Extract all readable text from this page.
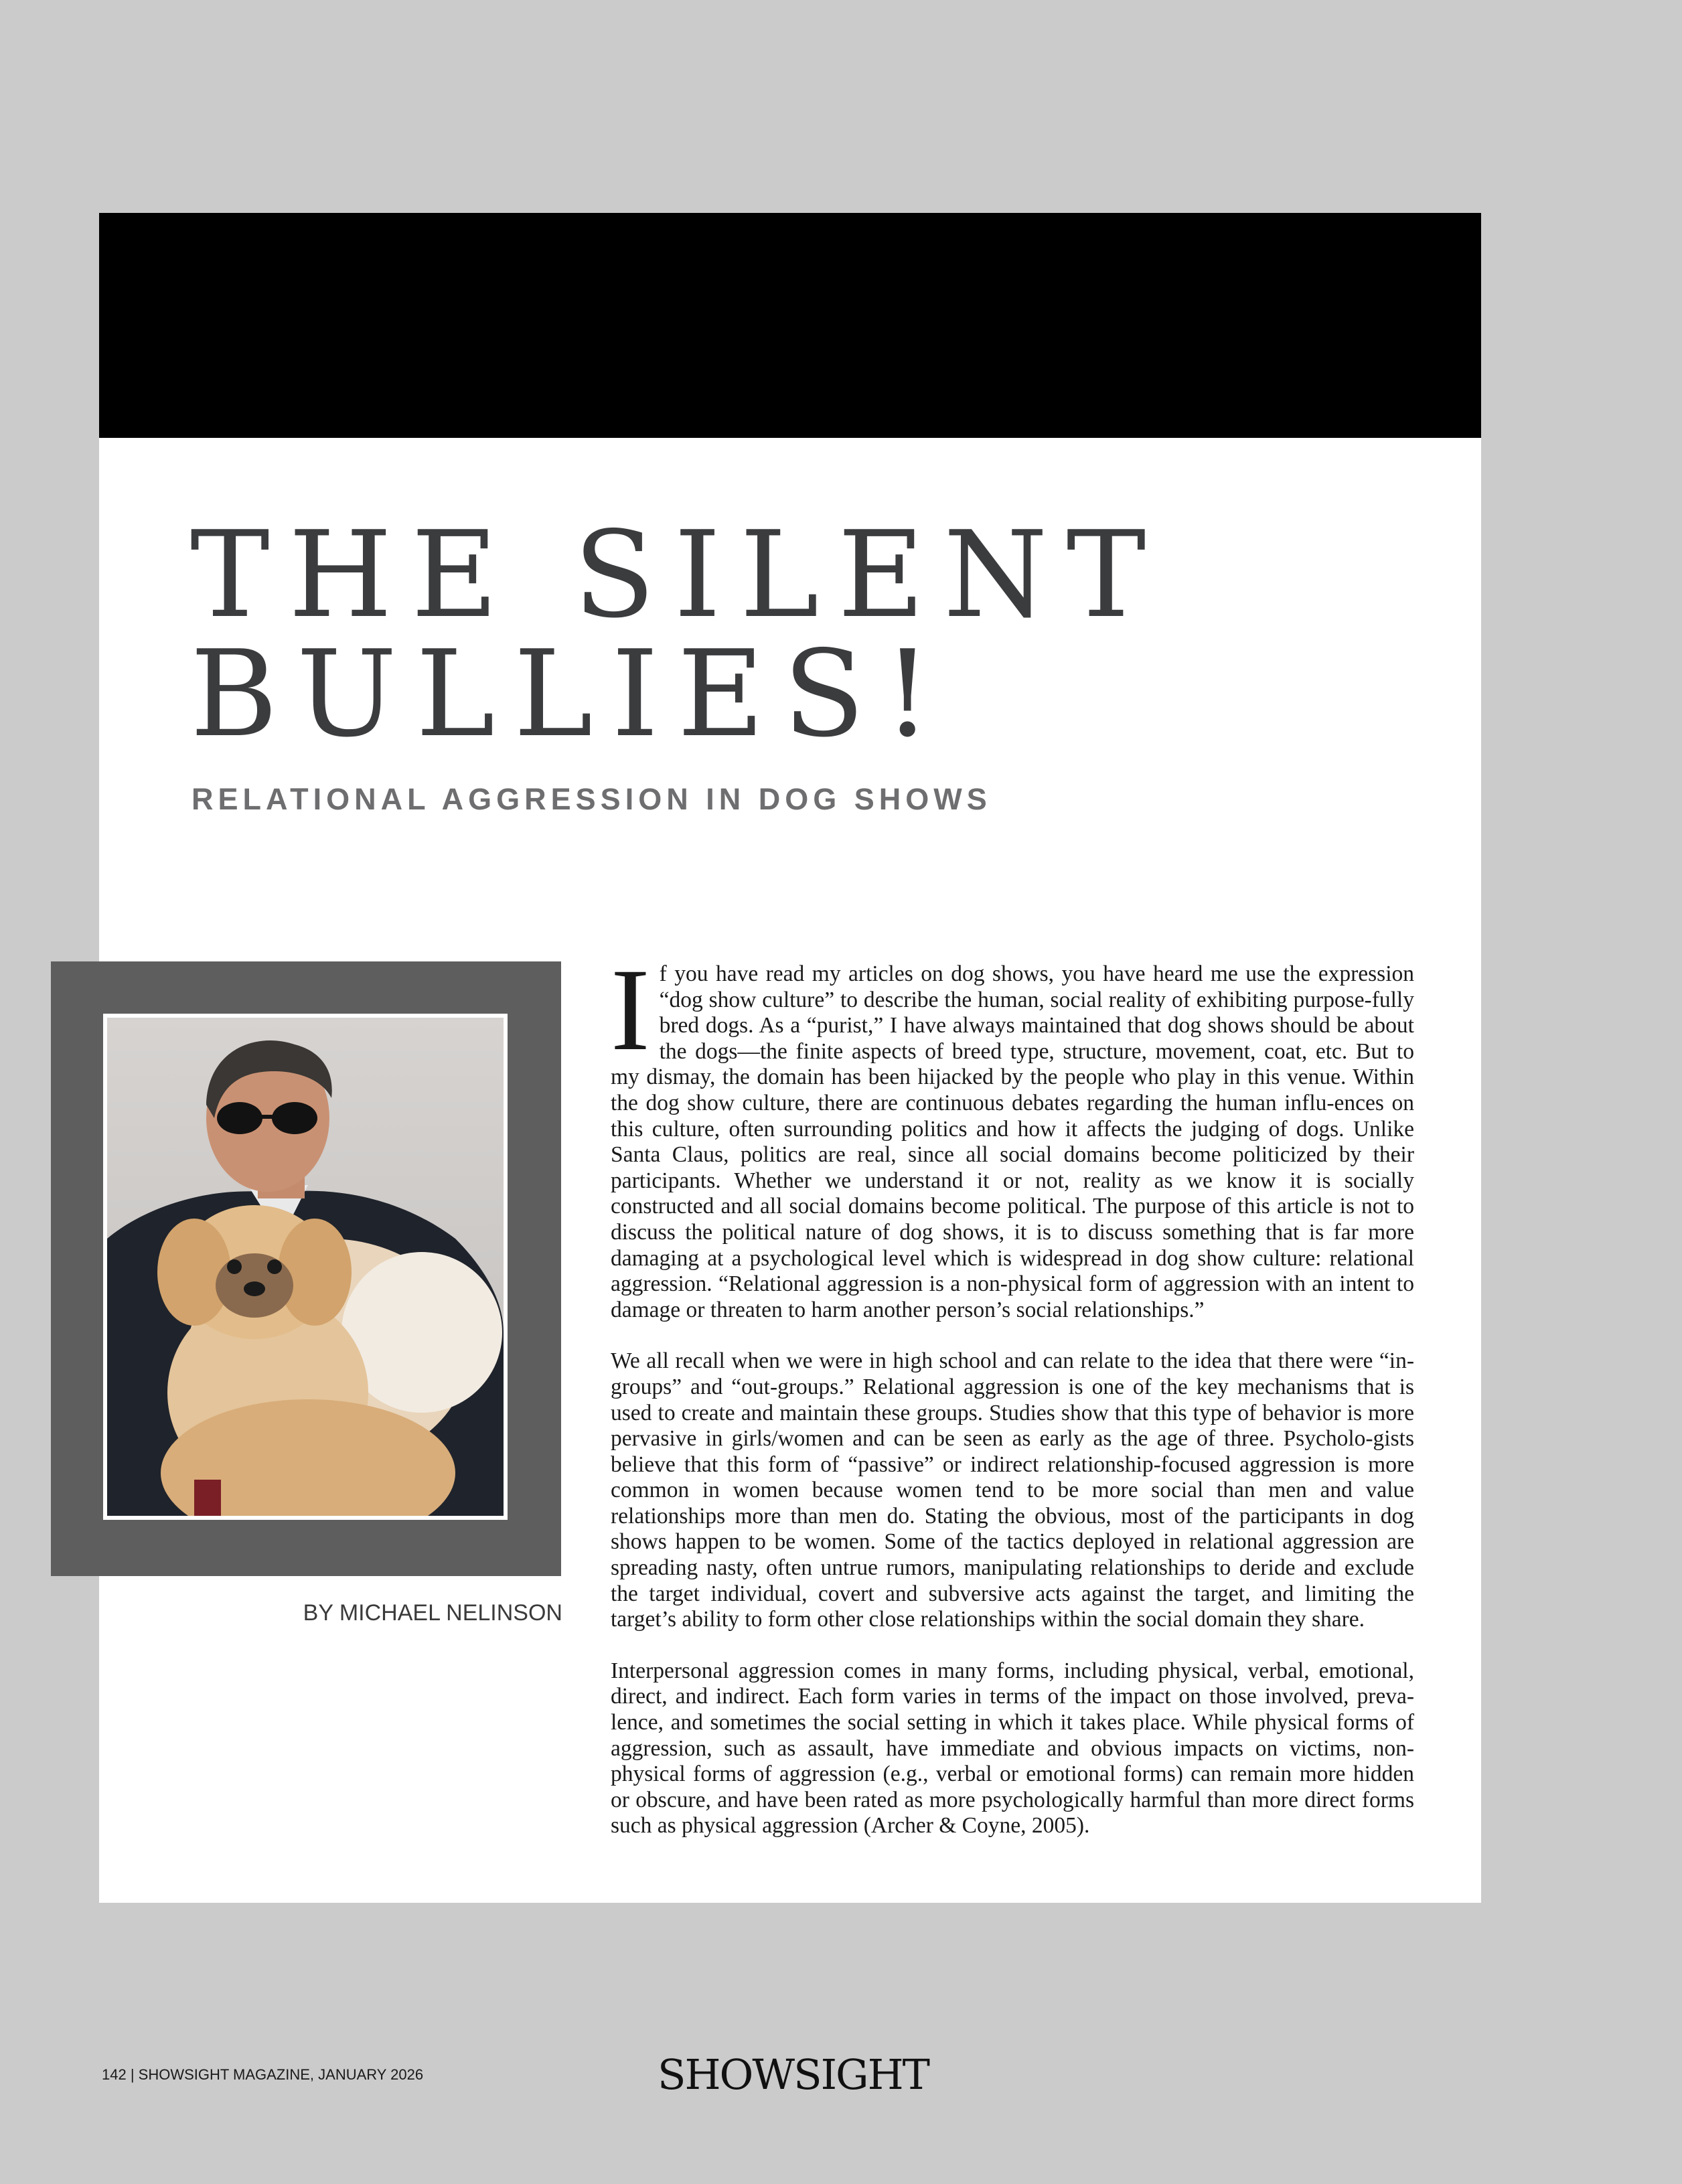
THE SILENT
BULLIES!
RELATIONAL AGGRESSION IN DOG SHOWS
BY MICHAEL NELINSON

If you have read my articles on dog shows, you have heard me use the expression “dog show culture” to describe the human, social reality of exhibiting purpose-fully bred dogs. As a “purist,” I have always maintained that dog shows should be about the dogs—the finite aspects of breed type, structure, movement, coat, etc. But to my dismay, the domain has been hijacked by the people who play in this venue. Within the dog show culture, there are continuous debates regarding the human influ-ences on this culture, often surrounding politics and how it affects the judging of dogs. Unlike Santa Claus, politics are real, since all social domains become politicized by their participants. Whether we understand it or not, reality as we know it is socially constructed and all social domains become political. The purpose of this article is not to discuss the political nature of dog shows, it is to discuss something that is far more damaging at a psychological level which is widespread in dog show culture: relational aggression. “Relational aggression is a non-physical form of aggression with an intent to damage or threaten to harm another person’s social relationships.”

We all recall when we were in high school and can relate to the idea that there were “in-groups” and “out-groups.” Relational aggression is one of the key mechanisms that is used to create and maintain these groups. Studies show that this type of behavior is more pervasive in girls/women and can be seen as early as the age of three. Psycholo-gists believe that this form of “passive” or indirect relationship-focused aggression is more common in women because women tend to be more social than men and value relationships more than men do. Stating the obvious, most of the participants in dog shows happen to be women. Some of the tactics deployed in relational aggression are spreading nasty, often untrue rumors, manipulating relationships to deride and exclude the target individual, covert and subversive acts against the target, and limiting the target’s ability to form other close relationships within the social domain they share.

Interpersonal aggression comes in many forms, including physical, verbal, emotional, direct, and indirect. Each form varies in terms of the impact on those involved, preva-lence, and sometimes the social setting in which it takes place. While physical forms of aggression, such as assault, have immediate and obvious impacts on victims, non-physical forms of aggression (e.g., verbal or emotional forms) can remain more hidden or obscure, and have been rated as more psychologically harmful than more direct forms such as physical aggression (Archer & Coyne, 2005).

142 | SHOWSIGHT MAGAZINE, JANUARY 2026	SHOWSIGHT
